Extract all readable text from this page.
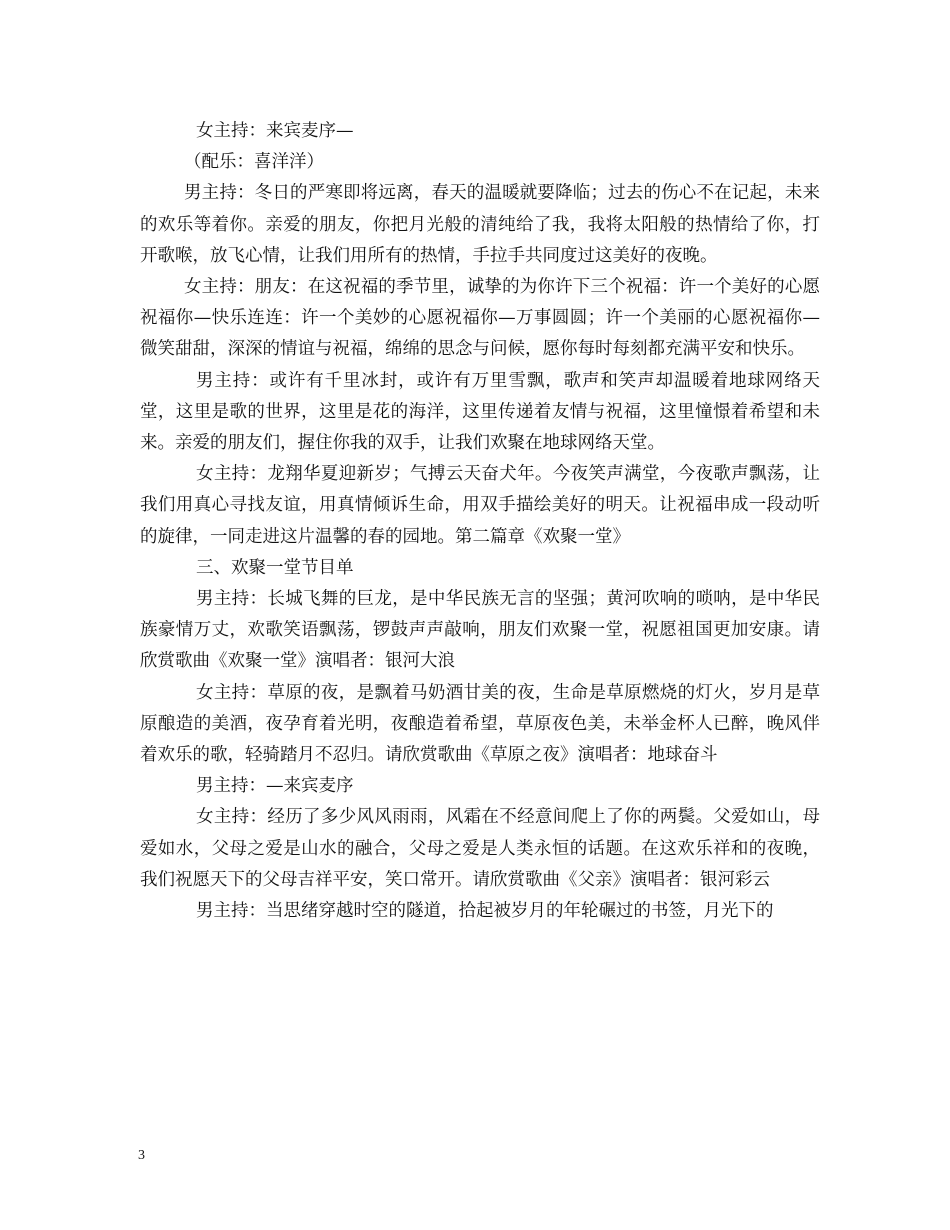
女主持：来宾麦序—

（配乐：喜洋洋）

男主持：冬日的严寒即将远离，春天的温暖就要降临；过去的伤心不在记起，未来的欢乐等着你。亲爱的朋友，你把月光般的清纯给了我，我将太阳般的热情给了你，打开歌喉，放飞心情，让我们用所有的热情，手拉手共同度过这美好的夜晚。

女主持：朋友：在这祝福的季节里，诚挚的为你许下三个祝福：许一个美好的心愿祝福你—快乐连连：许一个美妙的心愿祝福你—万事圆圆；许一个美丽的心愿祝福你—微笑甜甜，深深的情谊与祝福，绵绵的思念与问候，愿你每时每刻都充满平安和快乐。

男主持：或许有千里冰封，或许有万里雪飘，歌声和笑声却温暖着地球网络天堂，这里是歌的世界，这里是花的海洋，这里传递着友情与祝福，这里憧憬着希望和未来。亲爱的朋友们，握住你我的双手，让我们欢聚在地球网络天堂。

女主持：龙翔华夏迎新岁；气搏云天奋犬年。今夜笑声满堂，今夜歌声飘荡，让我们用真心寻找友谊，用真情倾诉生命，用双手描绘美好的明天。让祝福串成一段动听的旋律，一同走进这片温馨的春的园地。第二篇章《欢聚一堂》

三、欢聚一堂节目单

男主持：长城飞舞的巨龙，是中华民族无言的坚强；黄河吹响的唢呐，是中华民族豪情万丈，欢歌笑语飘荡，锣鼓声声敲响，朋友们欢聚一堂，祝愿祖国更加安康。请欣赏歌曲《欢聚一堂》演唱者：银河大浪

女主持：草原的夜，是飘着马奶酒甘美的夜，生命是草原燃烧的灯火，岁月是草原酿造的美酒，夜孕育着光明，夜酿造着希望，草原夜色美，未举金杯人已醉，晚风伴着欢乐的歌，轻骑踏月不忍归。请欣赏歌曲《草原之夜》演唱者：地球奋斗

男主持：—来宾麦序

女主持：经历了多少风风雨雨，风霜在不经意间爬上了你的两鬓。父爱如山，母爱如水，父母之爱是山水的融合，父母之爱是人类永恒的话题。在这欢乐祥和的夜晚，我们祝愿天下的父母吉祥平安，笑口常开。请欣赏歌曲《父亲》演唱者：银河彩云

男主持：当思绪穿越时空的隧道，拾起被岁月的年轮碾过的书签，月光下的

3
